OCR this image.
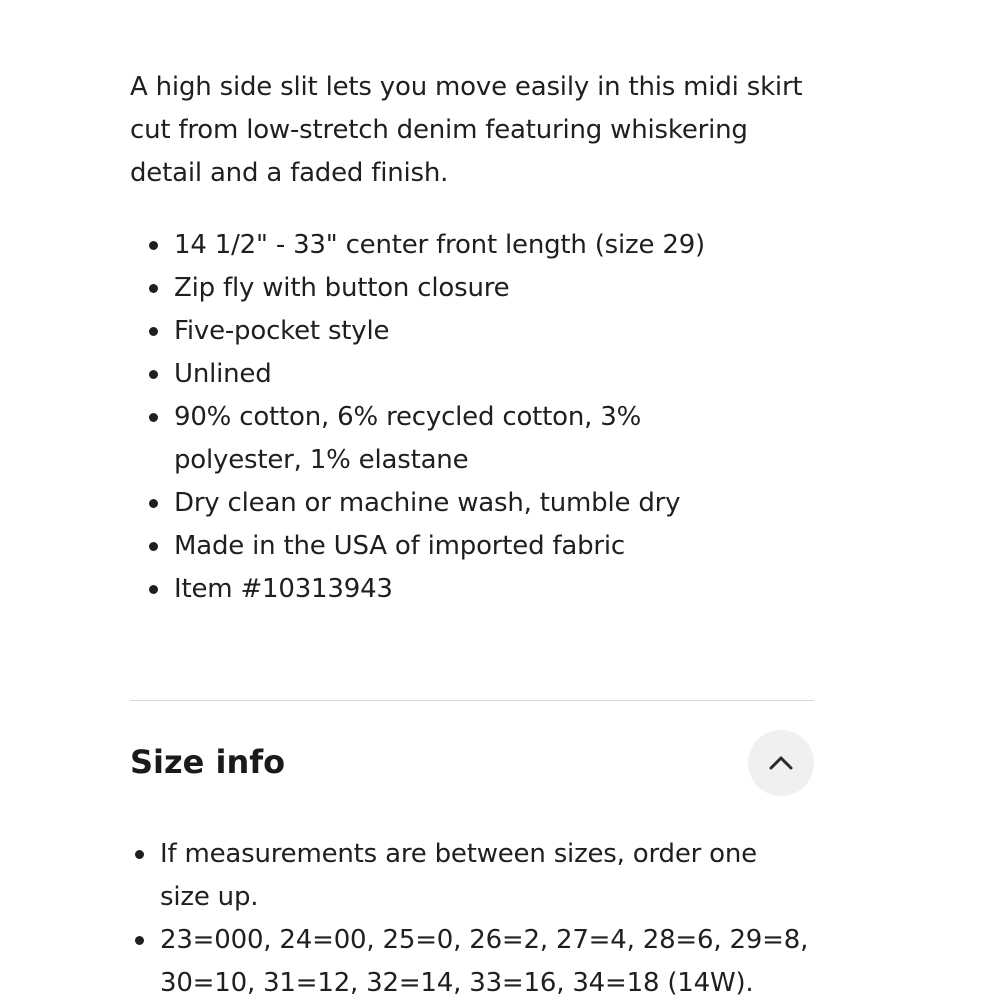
A high side slit lets you move easily in this midi skirt cut from low-stretch denim featuring whiskering detail and a faded finish.

14 1/2" - 33" center front length (size 29)
Zip fly with button closure
Five-pocket style
Unlined
90% cotton, 6% recycled cotton, 3% polyester, 1% elastane
Dry clean or machine wash, tumble dry
Made in the USA of imported fabric
Item #10313943
Size info
If measurements are between sizes, order one size up.
23=000, 24=00, 25=0, 26=2, 27=4, 28=6, 29=8, 30=10, 31=12, 32=14, 33=16, 34=18 (14W).
